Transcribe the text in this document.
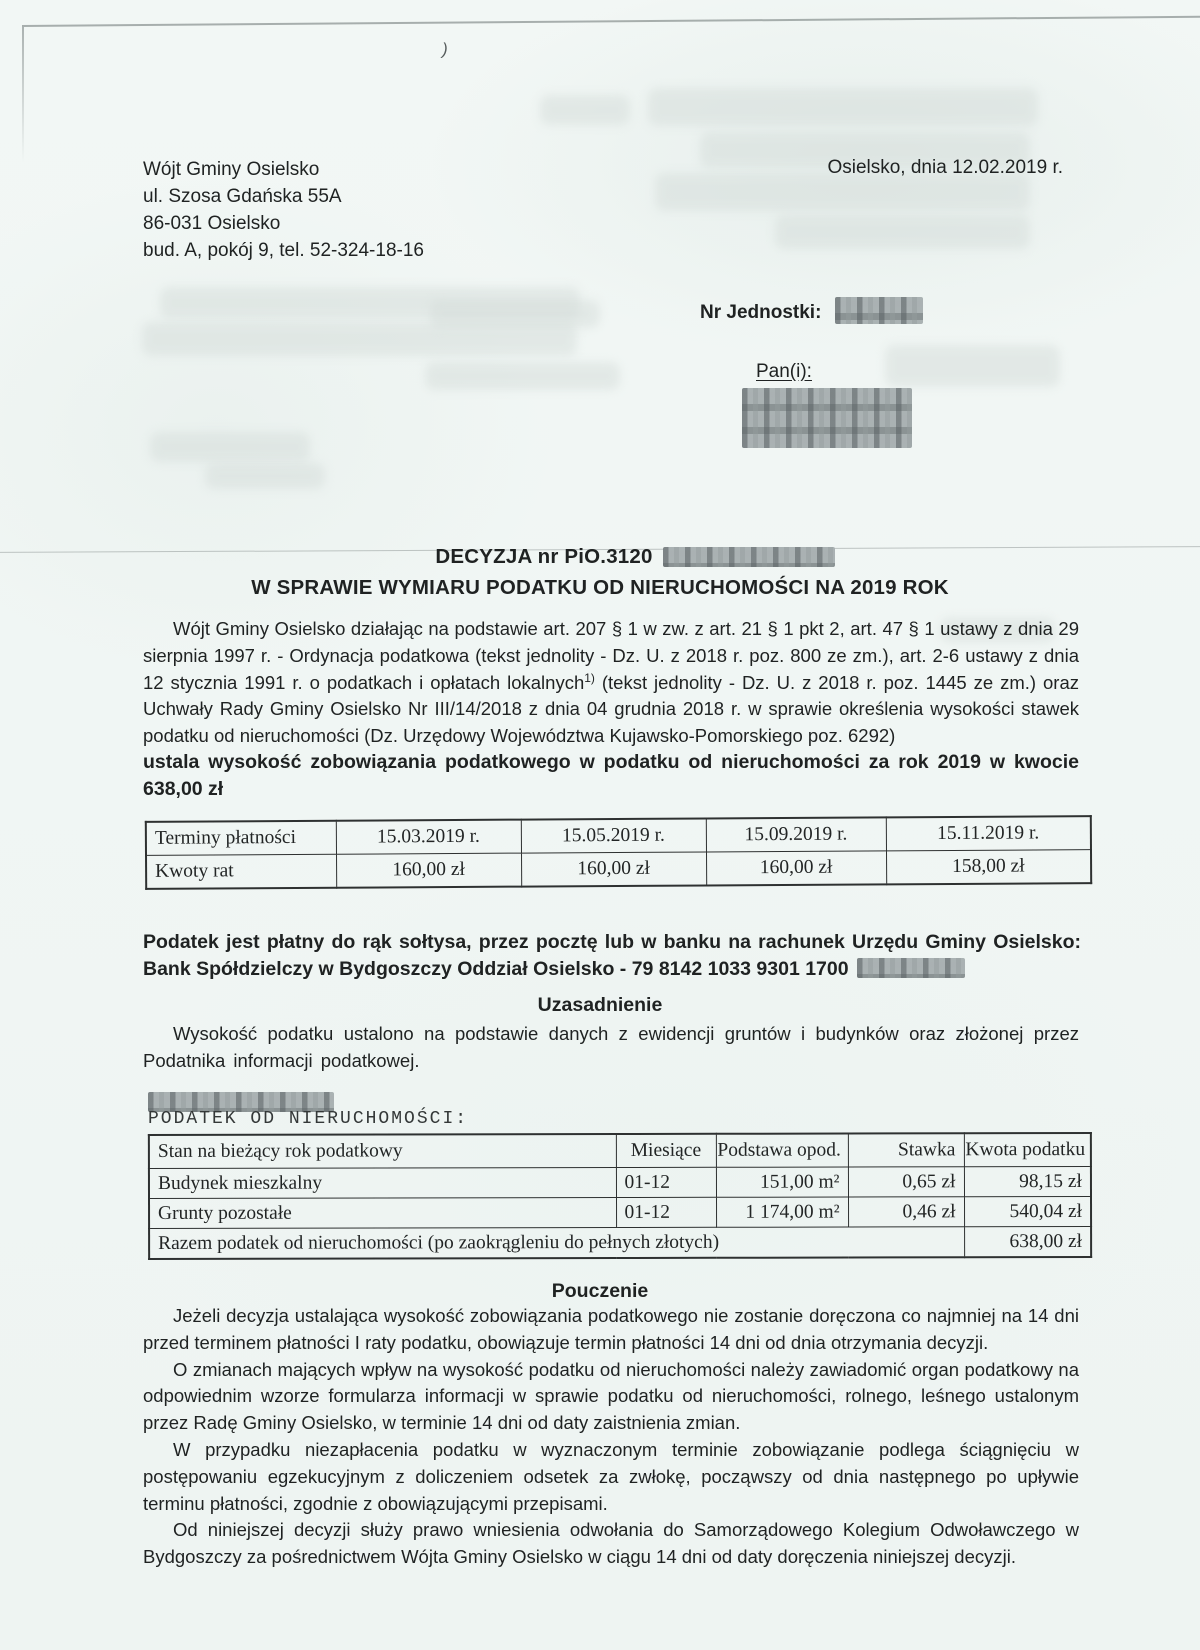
)
Wójt Gminy Osielsko
ul. Szosa Gdańska 55A
86-031 Osielsko
bud. A, pokój 9, tel. 52-324-18-16
Osielsko, dnia 12.02.2019 r.
Nr Jednostki:
Pan(i):
DECYZJA nr PiO.3120
W SPRAWIE WYMIARU PODATKU OD NIERUCHOMOŚCI NA 2019 ROK

Wójt Gminy Osielsko działając na podstawie art. 207 § 1 w zw. z art. 21 § 1 pkt 2, art. 47 § 1 ustawy z dnia 29 sierpnia 1997 r. - Ordynacja podatkowa (tekst jednolity - Dz. U. z 2018 r. poz. 800 ze zm.), art. 2-6 ustawy z dnia 12 stycznia 1991 r. o podatkach i opłatach lokalnych$^{1)}$ (tekst jednolity - Dz. U. z 2018 r. poz. 1445 ze zm.) oraz Uchwały Rady Gminy Osielsko Nr III/14/2018 z dnia 04 grudnia 2018 r. w sprawie określenia wysokości stawek podatku od nieruchomości (Dz. Urzędowy Województwa Kujawsko-Pomorskiego poz. 6292)

ustala wysokość zobowiązania podatkowego w podatku od nieruchomości za rok 2019 w kwocie 638,00 zł

Terminy płatności	15.03.2019 r.	15.05.2019 r.	15.09.2019 r.	15.11.2019 r.
Kwoty rat	160,00 zł	160,00 zł	160,00 zł	158,00 zł

Podatek jest płatny do rąk sołtysa, przez pocztę lub w banku na rachunek Urzędu Gminy Osielsko: Bank Spółdzielczy w Bydgoszczy Oddział Osielsko - 79 8142 1033 9301 1700

Uzasadnienie

Wysokość podatku ustalono na podstawie danych z ewidencji gruntów i budynków oraz złożonej przez Podatnika informacji podatkowej.

PODATEK OD NIERUCHOMOŚCI:
Stan na bieżący rok podatkowy	Miesiące	Podstawa opod.	Stawka	Kwota podatku
Budynek mieszkalny	01-12	151,00 m²	0,65 zł	98,15 zł
Grunty pozostałe	01-12	1 174,00 m²	0,46 zł	540,04 zł
Razem podatek od nieruchomości (po zaokrągleniu do pełnych złotych)				638,00 zł
Pouczenie

Jeżeli decyzja ustalająca wysokość zobowiązania podatkowego nie zostanie doręczona co najmniej na 14 dni przed terminem płatności I raty podatku, obowiązuje termin płatności 14 dni od dnia otrzymania decyzji.

O zmianach mających wpływ na wysokość podatku od nieruchomości należy zawiadomić organ podatkowy na odpowiednim wzorze formularza informacji w sprawie podatku od nieruchomości, rolnego, leśnego ustalonym przez Radę Gminy Osielsko, w terminie 14 dni od daty zaistnienia zmian.

W przypadku niezapłacenia podatku w wyznaczonym terminie zobowiązanie podlega ściągnięciu w postępowaniu egzekucyjnym z doliczeniem odsetek za zwłokę, począwszy od dnia następnego po upływie terminu płatności, zgodnie z obowiązującymi przepisami.

Od niniejszej decyzji służy prawo wniesienia odwołania do Samorządowego Kolegium Odwoławczego w Bydgoszczy za pośrednictwem Wójta Gminy Osielsko w ciągu 14 dni od daty doręczenia niniejszej decyzji.
